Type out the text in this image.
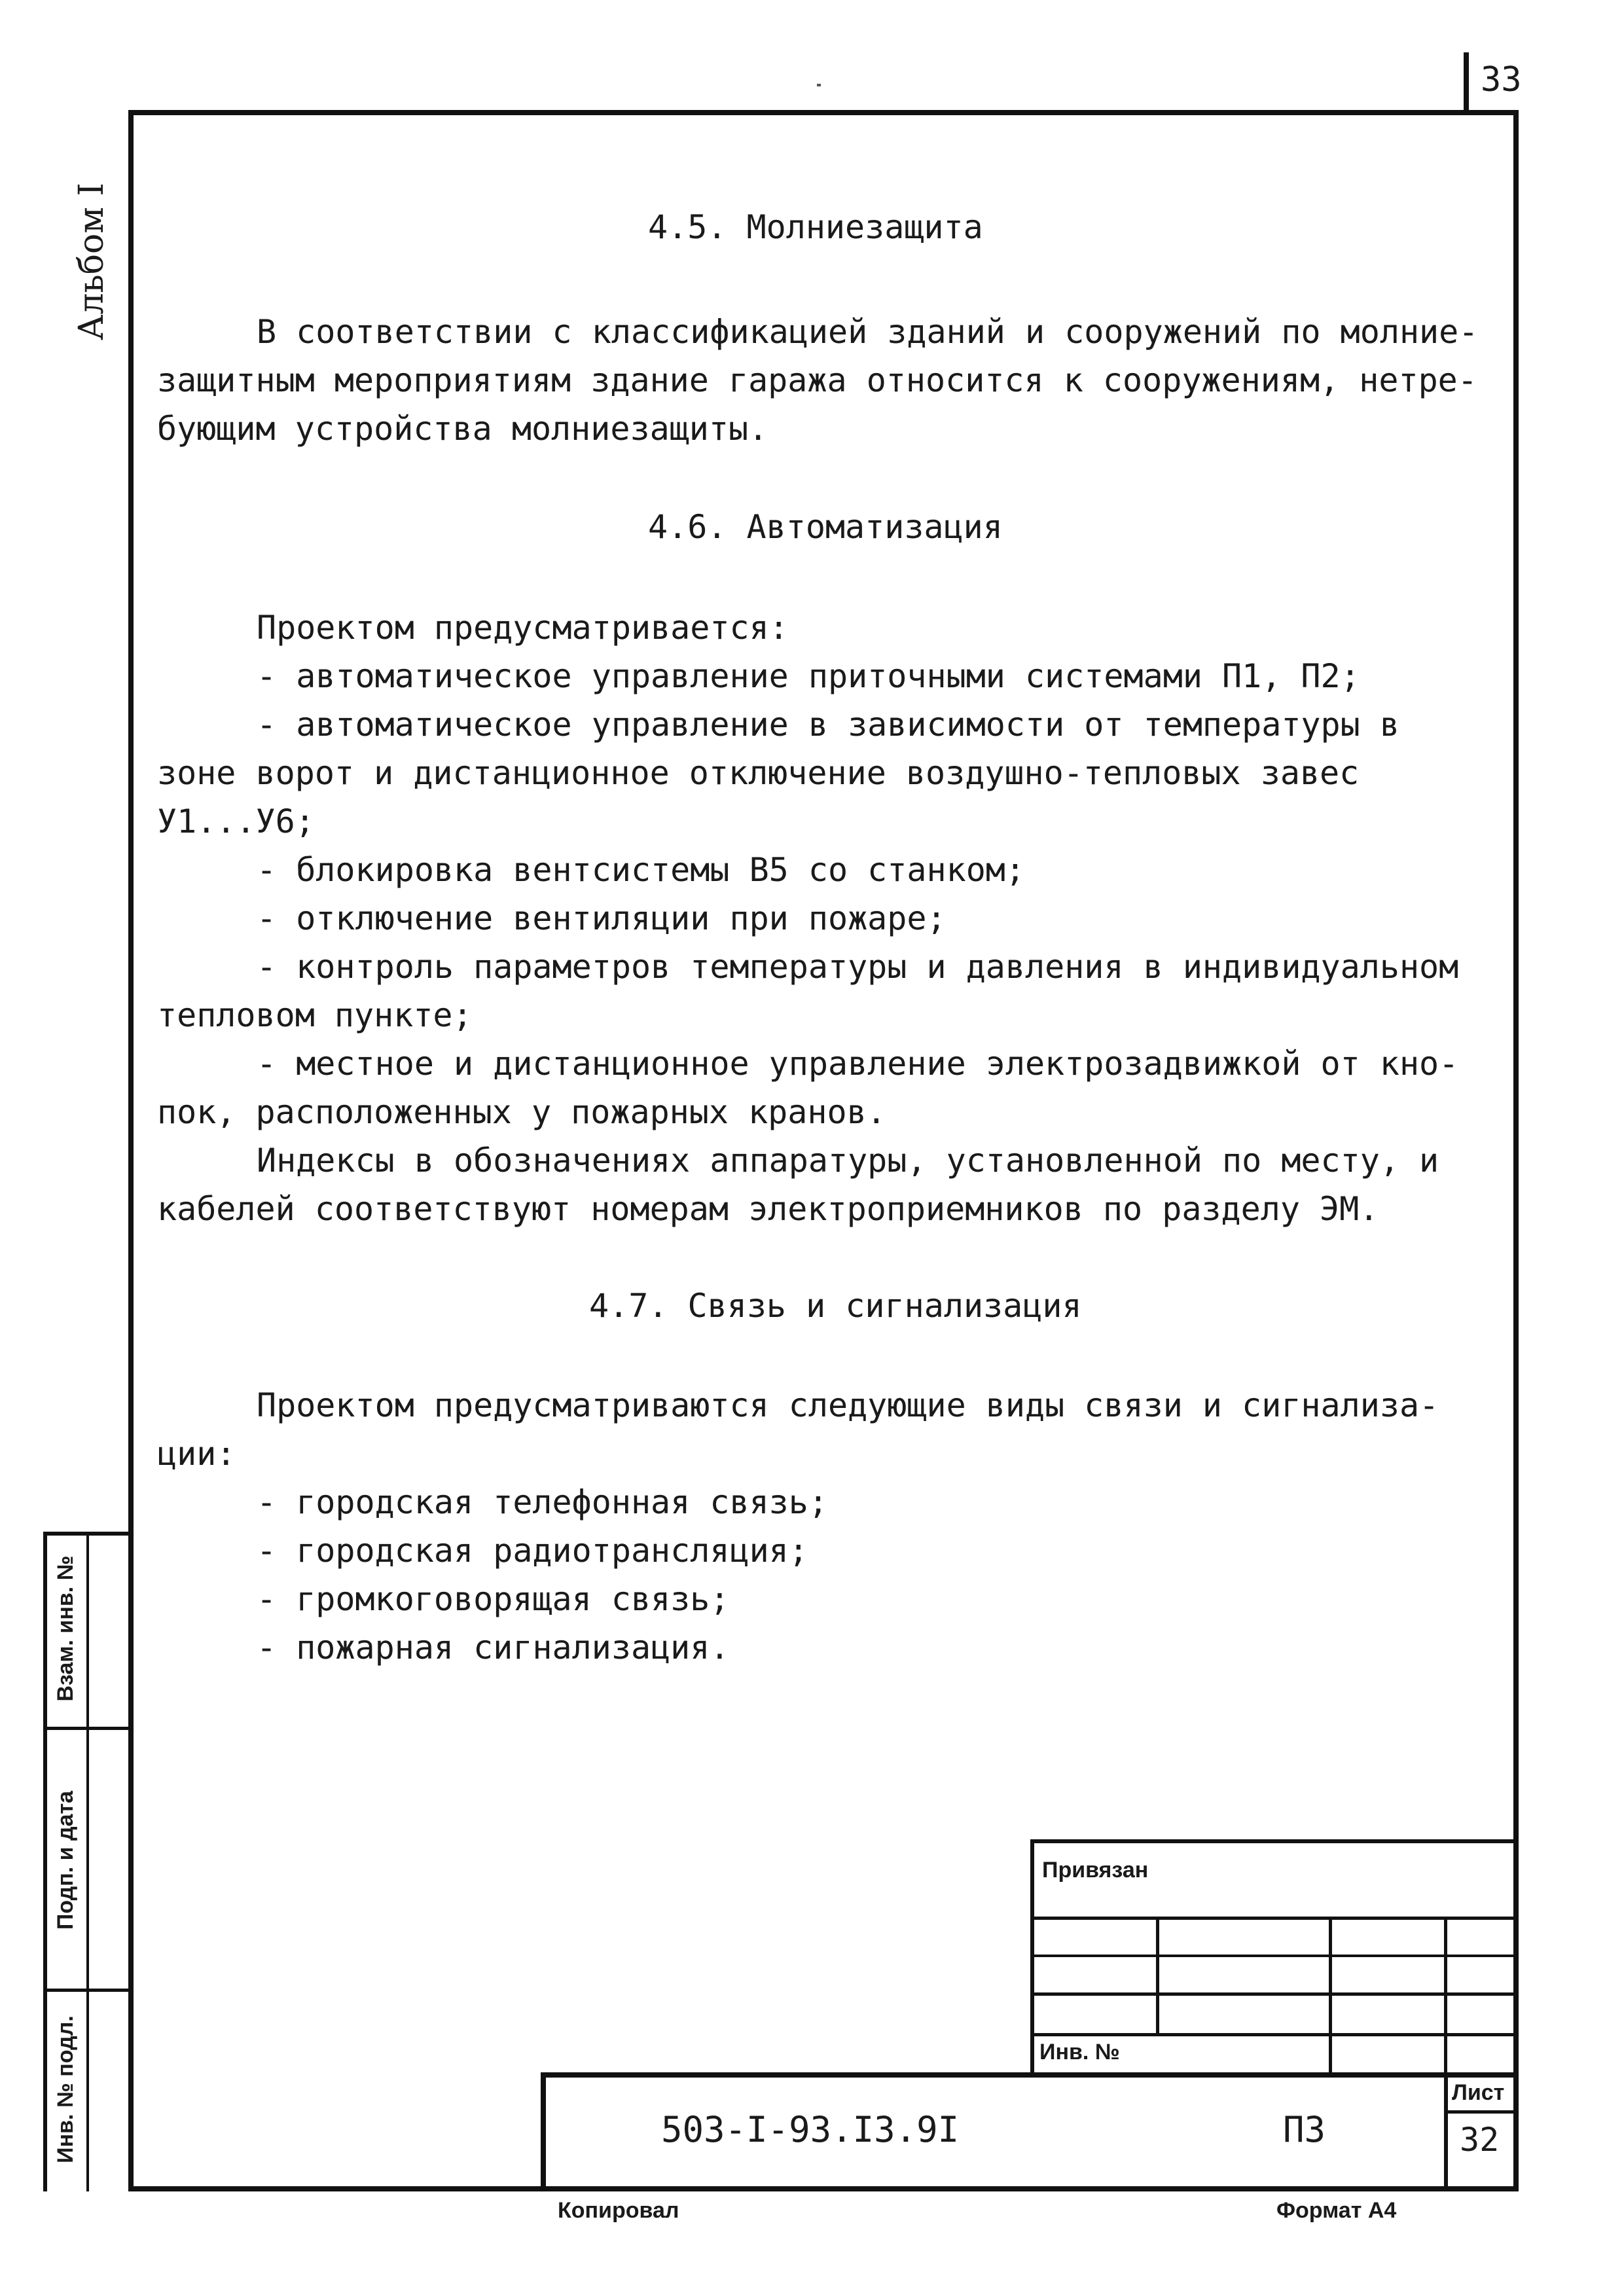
33
Альбом I	4.5. Молниезащита
В соответствии с классификацией зданий и сооружений по молние-
защитным мероприятиям здание гаража относится к сооружениям, нетре-
бующим устройства молниезащиты.
4.6. Автоматизация
Проектом предусматривается:
- автоматическое управление приточными системами П1, П2;
- автоматическое управление в зависимости от температуры в
зоне ворот и дистанционное отключение воздушно-тепловых завес
У1...У6;
- блокировка вентсистемы В5 со станком;
- отключение вентиляции при пожаре;
- контроль параметров температуры и давления в индивидуальном
тепловом пункте;
- местное и дистанционное управление электрозадвижкой от кно-
пок, расположенных у пожарных кранов.
Индексы в обозначениях аппаратуры, установленной по месту, и
кабелей соответствуют номерам электроприемников по разделу ЭМ.
4.7. Связь и сигнализация
Проектом предусматриваются следующие виды связи и сигнализа-
ции:
- городская телефонная связь;
- городская радиотрансляция;
- громкоговорящая связь;
- пожарная сигнализация.
Взам. инв. №
Подп. и дата
Инв. № подл.
Привязан
Инв. №
503-I-93.I3.9I	ПЗ
Лист
32
Копировал	Формат А4
